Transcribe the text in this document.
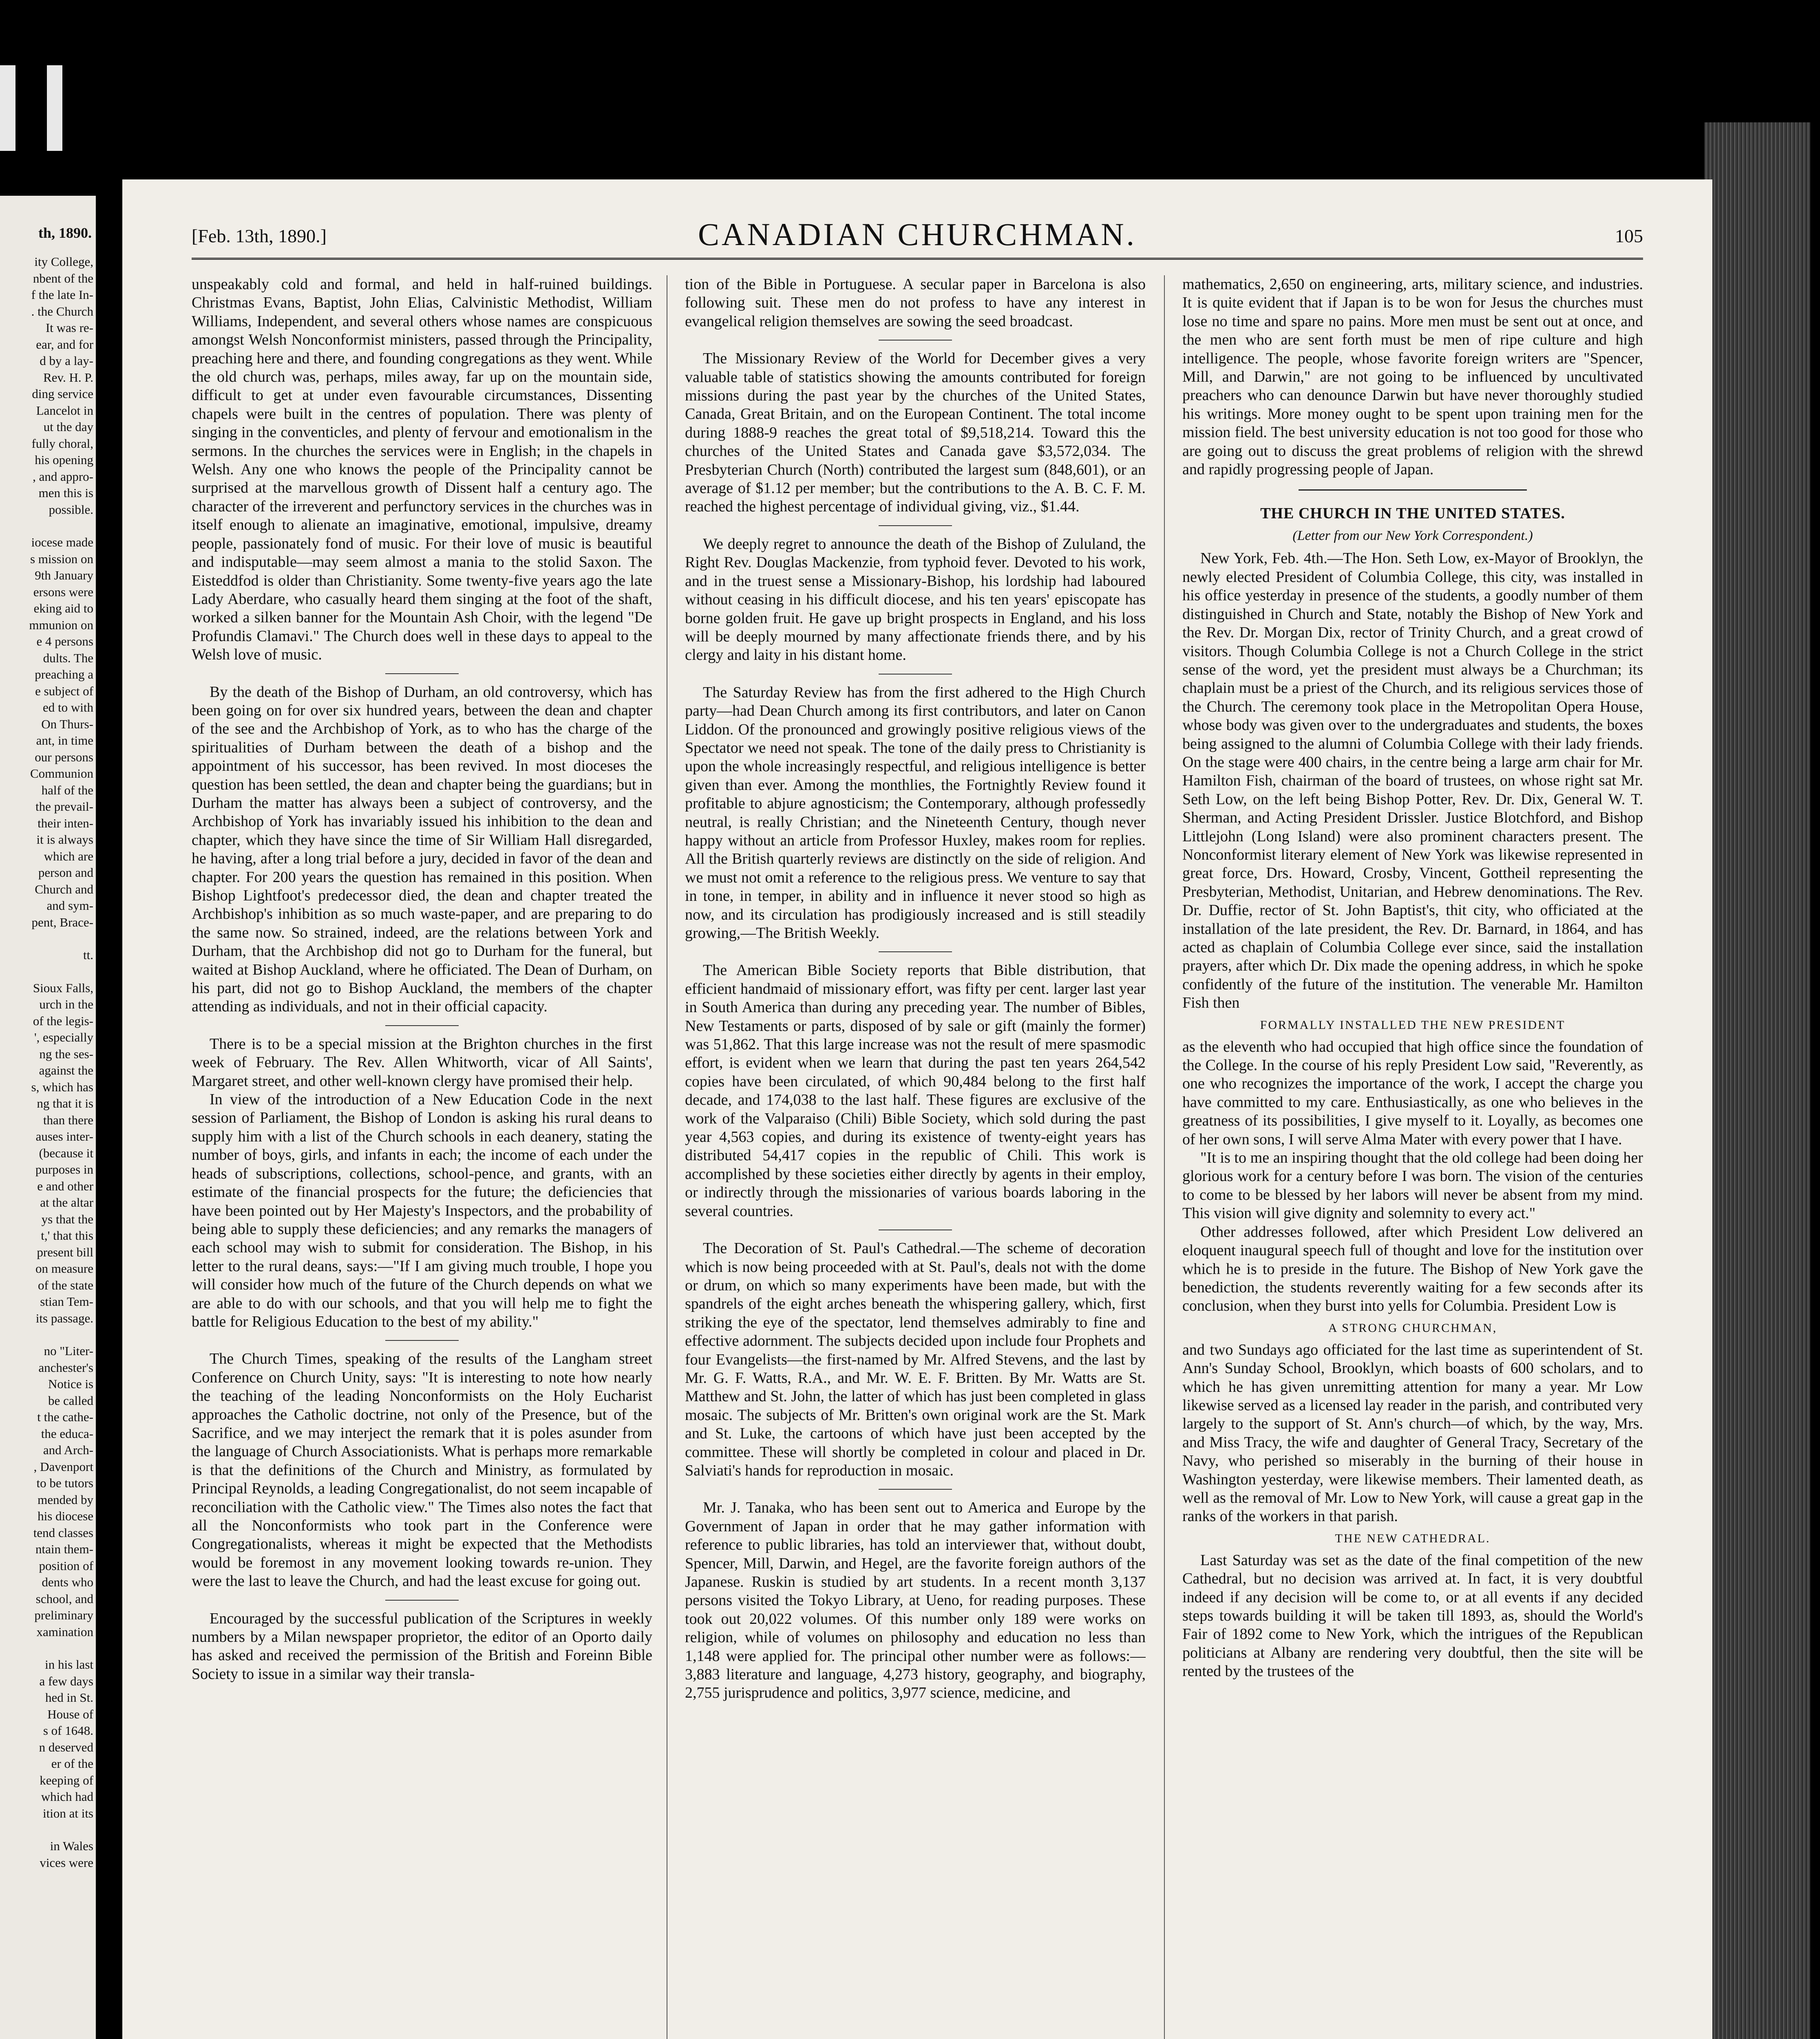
th, 1890.
ity College,
nbent of the
f the late In-
. the Church
It was re-
ear, and for
d by a lay-
Rev. H. P.
ding service
Lancelot in
ut the day
fully choral,
his opening
, and appro-
men this is
possible.
iocese made
s mission on
9th January
ersons were
eking aid to
mmunion on
e 4 persons
dults. The
preaching a
e subject of
ed to with
On Thurs-
ant, in time
our persons
Communion
half of the
the prevail-
their inten-
it is always
which are
person and
Church and
and sym-
pent, Brace-
tt.
Sioux Falls,
urch in the
of the legis-
', especially
ng the ses-
against the
s, which has
ng that it is
than there
auses inter-
(because it
purposes in
e and other
at the altar
ys that the
t,' that this
present bill
on measure
of the state
stian Tem-
its passage.
no "Liter-
anchester's
Notice is
be called
t the cathe-
the educa-
and Arch-
, Davenport
to be tutors
mended by
his diocese
tend classes
ntain them-
position of
dents who
school, and
preliminary
xamination
in his last
a few days
hed in St.
House of
s of 1648.
n deserved
er of the
keeping of
which had
ition at its
in Wales
vices were
[Feb. 13th, 1890.]	CANADIAN CHURCHMAN.	105

unspeakably cold and formal, and held in half-ruined buildings. Christmas Evans, Baptist, John Elias, Calvinistic Methodist, William Williams, Independent, and several others whose names are conspicuous amongst Welsh Nonconformist ministers, passed through the Principality, preaching here and there, and founding congregations as they went. While the old church was, perhaps, miles away, far up on the mountain side, difficult to get at under even favourable circumstances, Dissenting chapels were built in the centres of population. There was plenty of singing in the conventicles, and plenty of fervour and emotionalism in the sermons. In the churches the services were in English; in the chapels in Welsh. Any one who knows the people of the Principality cannot be surprised at the marvellous growth of Dissent half a century ago. The character of the irreverent and perfunctory services in the churches was in itself enough to alienate an imaginative, emotional, impulsive, dreamy people, passionately fond of music. For their love of music is beautiful and indisputable—may seem almost a mania to the stolid Saxon. The Eisteddfod is older than Christianity. Some twenty-five years ago the late Lady Aberdare, who casually heard them singing at the foot of the shaft, worked a silken banner for the Mountain Ash Choir, with the legend "De Profundis Clamavi." The Church does well in these days to appeal to the Welsh love of music.

By the death of the Bishop of Durham, an old controversy, which has been going on for over six hundred years, between the dean and chapter of the see and the Archbishop of York, as to who has the charge of the spiritualities of Durham between the death of a bishop and the appointment of his successor, has been revived. In most dioceses the question has been settled, the dean and chapter being the guardians; but in Durham the matter has always been a subject of controversy, and the Archbishop of York has invariably issued his inhibition to the dean and chapter, which they have since the time of Sir William Hall disregarded, he having, after a long trial before a jury, decided in favor of the dean and chapter. For 200 years the question has remained in this position. When Bishop Lightfoot's predecessor died, the dean and chapter treated the Archbishop's inhibition as so much waste-paper, and are preparing to do the same now. So strained, indeed, are the relations between York and Durham, that the Archbishop did not go to Durham for the funeral, but waited at Bishop Auckland, where he officiated. The Dean of Durham, on his part, did not go to Bishop Auckland, the members of the chapter attending as individuals, and not in their official capacity.

There is to be a special mission at the Brighton churches in the first week of February. The Rev. Allen Whitworth, vicar of All Saints', Margaret street, and other well-known clergy have promised their help.

In view of the introduction of a New Education Code in the next session of Parliament, the Bishop of London is asking his rural deans to supply him with a list of the Church schools in each deanery, stating the number of boys, girls, and infants in each; the income of each under the heads of subscriptions, collections, school-pence, and grants, with an estimate of the financial prospects for the future; the deficiencies that have been pointed out by Her Majesty's Inspectors, and the probability of being able to supply these deficiencies; and any remarks the managers of each school may wish to submit for consideration. The Bishop, in his letter to the rural deans, says:—"If I am giving much trouble, I hope you will consider how much of the future of the Church depends on what we are able to do with our schools, and that you will help me to fight the battle for Religious Education to the best of my ability."

The Church Times, speaking of the results of the Langham street Conference on Church Unity, says: "It is interesting to note how nearly the teaching of the leading Nonconformists on the Holy Eucharist approaches the Catholic doctrine, not only of the Presence, but of the Sacrifice, and we may interject the remark that it is poles asunder from the language of Church Associationists. What is perhaps more remarkable is that the definitions of the Church and Ministry, as formulated by Principal Reynolds, a leading Congregationalist, do not seem incapable of reconciliation with the Catholic view." The Times also notes the fact that all the Nonconformists who took part in the Conference were Congregationalists, whereas it might be expected that the Methodists would be foremost in any movement looking towards re-union. They were the last to leave the Church, and had the least excuse for going out.

Encouraged by the successful publication of the Scriptures in weekly numbers by a Milan newspaper proprietor, the editor of an Oporto daily has asked and received the permission of the British and Foreinn Bible Society to issue in a similar way their transla-

tion of the Bible in Portuguese. A secular paper in Barcelona is also following suit. These men do not profess to have any interest in evangelical religion themselves are sowing the seed broadcast.

The Missionary Review of the World for December gives a very valuable table of statistics showing the amounts contributed for foreign missions during the past year by the churches of the United States, Canada, Great Britain, and on the European Continent. The total income during 1888-9 reaches the great total of $9,518,214. Toward this the churches of the United States and Canada gave $3,572,034. The Presbyterian Church (North) contributed the largest sum (848,601), or an average of $1.12 per member; but the contributions to the A. B. C. F. M. reached the highest percentage of individual giving, viz., $1.44.

We deeply regret to announce the death of the Bishop of Zululand, the Right Rev. Douglas Mackenzie, from typhoid fever. Devoted to his work, and in the truest sense a Missionary-Bishop, his lordship had laboured without ceasing in his difficult diocese, and his ten years' episcopate has borne golden fruit. He gave up bright prospects in England, and his loss will be deeply mourned by many affectionate friends there, and by his clergy and laity in his distant home.

The Saturday Review has from the first adhered to the High Church party—had Dean Church among its first contributors, and later on Canon Liddon. Of the pronounced and growingly positive religious views of the Spectator we need not speak. The tone of the daily press to Christianity is upon the whole increasingly respectful, and religious intelligence is better given than ever. Among the monthlies, the Fortnightly Review found it profitable to abjure agnosticism; the Contemporary, although professedly neutral, is really Christian; and the Nineteenth Century, though never happy without an article from Professor Huxley, makes room for replies. All the British quarterly reviews are distinctly on the side of religion. And we must not omit a reference to the religious press. We venture to say that in tone, in temper, in ability and in influence it never stood so high as now, and its circulation has prodigiously increased and is still steadily growing,—The British Weekly.

The American Bible Society reports that Bible distribution, that efficient handmaid of missionary effort, was fifty per cent. larger last year in South America than during any preceding year. The number of Bibles, New Testaments or parts, disposed of by sale or gift (mainly the former) was 51,862. That this large increase was not the result of mere spasmodic effort, is evident when we learn that during the past ten years 264,542 copies have been circulated, of which 90,484 belong to the first half decade, and 174,038 to the last half. These figures are exclusive of the work of the Valparaiso (Chili) Bible Society, which sold during the past year 4,563 copies, and during its existence of twenty-eight years has distributed 54,417 copies in the republic of Chili. This work is accomplished by these societies either directly by agents in their employ, or indirectly through the missionaries of various boards laboring in the several countries.

The Decoration of St. Paul's Cathedral.—The scheme of decoration which is now being proceeded with at St. Paul's, deals not with the dome or drum, on which so many experiments have been made, but with the spandrels of the eight arches beneath the whispering gallery, which, first striking the eye of the spectator, lend themselves admirably to fine and effective adornment. The subjects decided upon include four Prophets and four Evangelists—the first-named by Mr. Alfred Stevens, and the last by Mr. G. F. Watts, R.A., and Mr. W. E. F. Britten. By Mr. Watts are St. Matthew and St. John, the latter of which has just been completed in glass mosaic. The subjects of Mr. Britten's own original work are the St. Mark and St. Luke, the cartoons of which have just been accepted by the committee. These will shortly be completed in colour and placed in Dr. Salviati's hands for reproduction in mosaic.

Mr. J. Tanaka, who has been sent out to America and Europe by the Government of Japan in order that he may gather information with reference to public libraries, has told an interviewer that, without doubt, Spencer, Mill, Darwin, and Hegel, are the favorite foreign authors of the Japanese. Ruskin is studied by art students. In a recent month 3,137 persons visited the Tokyo Library, at Ueno, for reading purposes. These took out 20,022 volumes. Of this number only 189 were works on religion, while of volumes on philosophy and education no less than 1,148 were applied for. The principal other number were as follows:—3,883 literature and language, 4,273 history, geography, and biography, 2,755 jurisprudence and politics, 3,977 science, medicine, and

mathematics, 2,650 on engineering, arts, military science, and industries. It is quite evident that if Japan is to be won for Jesus the churches must lose no time and spare no pains. More men must be sent out at once, and the men who are sent forth must be men of ripe culture and high intelligence. The people, whose favorite foreign writers are "Spencer, Mill, and Darwin," are not going to be influenced by uncultivated preachers who can denounce Darwin but have never thoroughly studied his writings. More money ought to be spent upon training men for the mission field. The best university education is not too good for those who are going out to discuss the great problems of religion with the shrewd and rapidly progressing people of Japan.

THE CHURCH IN THE UNITED STATES.
(Letter from our New York Correspondent.)

New York, Feb. 4th.—The Hon. Seth Low, ex-Mayor of Brooklyn, the newly elected President of Columbia College, this city, was installed in his office yesterday in presence of the students, a goodly number of them distinguished in Church and State, notably the Bishop of New York and the Rev. Dr. Morgan Dix, rector of Trinity Church, and a great crowd of visitors. Though Columbia College is not a Church College in the strict sense of the word, yet the president must always be a Churchman; its chaplain must be a priest of the Church, and its religious services those of the Church. The ceremony took place in the Metropolitan Opera House, whose body was given over to the undergraduates and students, the boxes being assigned to the alumni of Columbia College with their lady friends. On the stage were 400 chairs, in the centre being a large arm chair for Mr. Hamilton Fish, chairman of the board of trustees, on whose right sat Mr. Seth Low, on the left being Bishop Potter, Rev. Dr. Dix, General W. T. Sherman, and Acting President Drissler. Justice Blotchford, and Bishop Littlejohn (Long Island) were also prominent characters present. The Nonconformist literary element of New York was likewise represented in great force, Drs. Howard, Crosby, Vincent, Gottheil representing the Presbyterian, Methodist, Unitarian, and Hebrew denominations. The Rev. Dr. Duffie, rector of St. John Baptist's, thit city, who officiated at the installation of the late president, the Rev. Dr. Barnard, in 1864, and has acted as chaplain of Columbia College ever since, said the installation prayers, after which Dr. Dix made the opening address, in which he spoke confidently of the future of the institution. The venerable Mr. Hamilton Fish then

FORMALLY INSTALLED THE NEW PRESIDENT

as the eleventh who had occupied that high office since the foundation of the College. In the course of his reply President Low said, "Reverently, as one who recognizes the importance of the work, I accept the charge you have committed to my care. Enthusiastically, as one who believes in the greatness of its possibilities, I give myself to it. Loyally, as becomes one of her own sons, I will serve Alma Mater with every power that I have.

"It is to me an inspiring thought that the old college had been doing her glorious work for a century before I was born. The vision of the centuries to come to be blessed by her labors will never be absent from my mind. This vision will give dignity and solemnity to every act."

Other addresses followed, after which President Low delivered an eloquent inaugural speech full of thought and love for the institution over which he is to preside in the future. The Bishop of New York gave the benediction, the students reverently waiting for a few seconds after its conclusion, when they burst into yells for Columbia. President Low is

A STRONG CHURCHMAN,

and two Sundays ago officiated for the last time as superintendent of St. Ann's Sunday School, Brooklyn, which boasts of 600 scholars, and to which he has given unremitting attention for many a year. Mr Low likewise served as a licensed lay reader in the parish, and contributed very largely to the support of St. Ann's church—of which, by the way, Mrs. and Miss Tracy, the wife and daughter of General Tracy, Secretary of the Navy, who perished so miserably in the burning of their house in Washington yesterday, were likewise members. Their lamented death, as well as the removal of Mr. Low to New York, will cause a great gap in the ranks of the workers in that parish.

THE NEW CATHEDRAL.

Last Saturday was set as the date of the final competition of the new Cathedral, but no decision was arrived at. In fact, it is very doubtful indeed if any decision will be come to, or at all events if any decided steps towards building it will be taken till 1893, as, should the World's Fair of 1892 come to New York, which the intrigues of the Republican politicians at Albany are rendering very doubtful, then the site will be rented by the trustees of the
